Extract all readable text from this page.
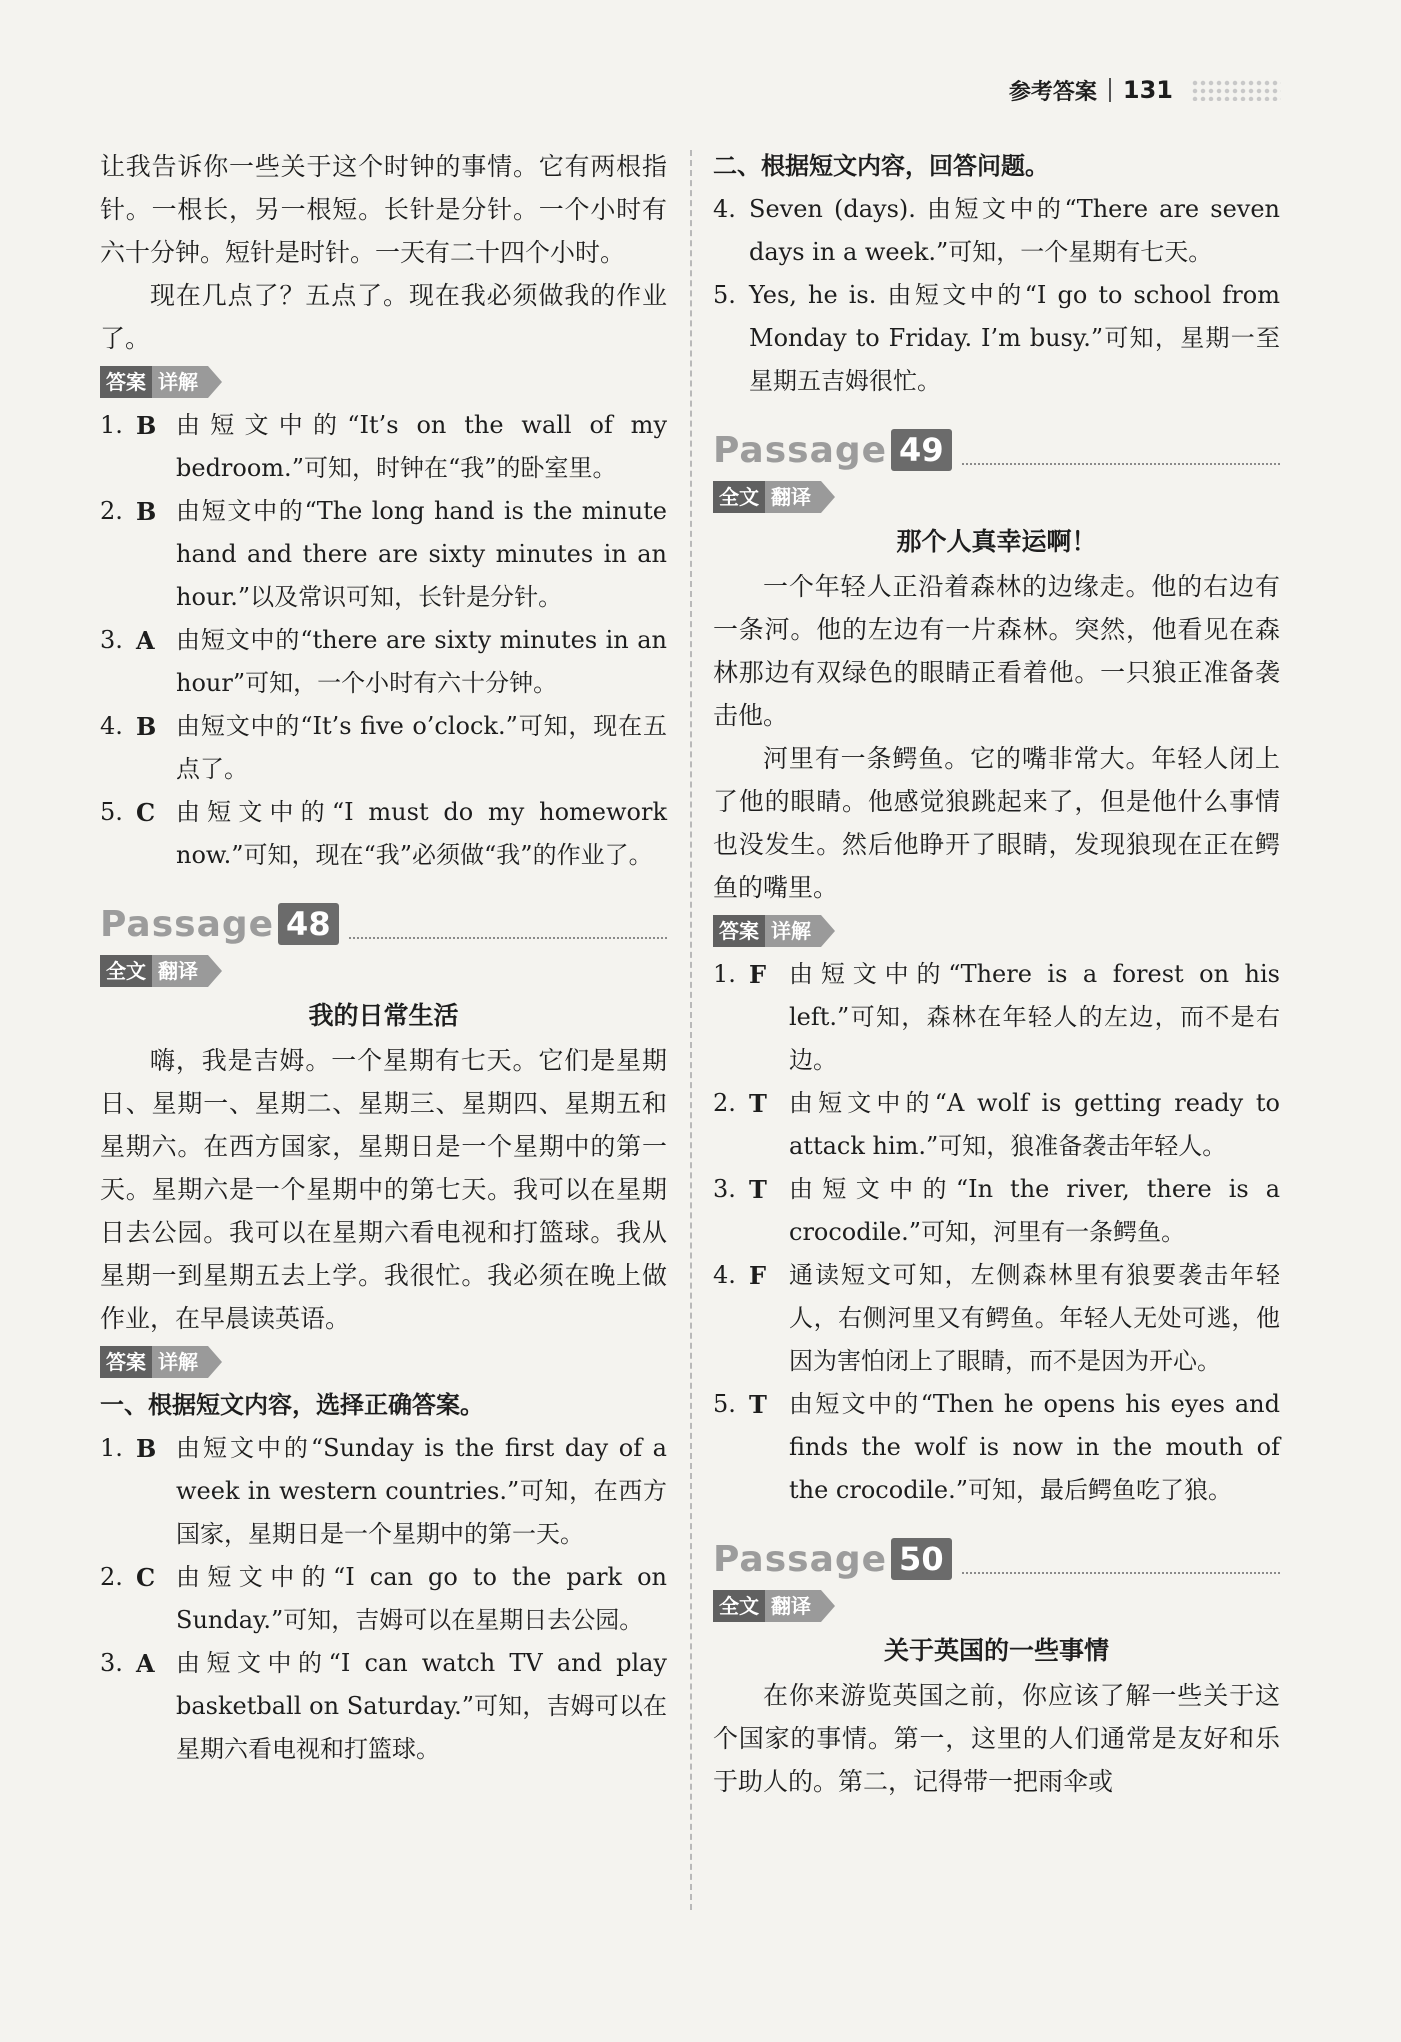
参考答案 131

让我告诉你一些关于这个时钟的事情。它有两根指针。一根长，另一根短。长针是分针。一个小时有六十分钟。短针是时针。一天有二十四个小时。

现在几点了？五点了。现在我必须做我的作业了。

答案 详解
1. B 由短文中的“It’s on the wall of my bedroom.”可知，时钟在“我”的卧室里。
2. B 由短文中的“The long hand is the minute hand and there are sixty minutes in an hour.”以及常识可知，长针是分针。
3. A 由短文中的“there are sixty minutes in an hour”可知，一个小时有六十分钟。
4. B 由短文中的“It’s five o’clock.”可知，现在五点了。
5. C 由短文中的“I must do my homework now.”可知，现在“我”必须做“我”的作业了。
Passage 48
全文 翻译
我的日常生活

嗨，我是吉姆。一个星期有七天。它们是星期日、星期一、星期二、星期三、星期四、星期五和星期六。在西方国家，星期日是一个星期中的第一天。星期六是一个星期中的第七天。我可以在星期日去公园。我可以在星期六看电视和打篮球。我从星期一到星期五去上学。我很忙。我必须在晚上做作业，在早晨读英语。

答案 详解
一、根据短文内容，选择正确答案。
1. B 由短文中的“Sunday is the first day of a week in western countries.”可知，在西方国家，星期日是一个星期中的第一天。
2. C 由短文中的“I can go to the park on Sunday.”可知，吉姆可以在星期日去公园。
3. A 由短文中的“I can watch TV and play basketball on Saturday.”可知，吉姆可以在星期六看电视和打篮球。
二、根据短文内容，回答问题。
4. Seven (days). 由短文中的“There are seven days in a week.”可知，一个星期有七天。
5. Yes, he is. 由短文中的“I go to school from Monday to Friday. I’m busy.”可知，星期一至星期五吉姆很忙。
Passage 49
全文 翻译
那个人真幸运啊！

一个年轻人正沿着森林的边缘走。他的右边有一条河。他的左边有一片森林。突然，他看见在森林那边有双绿色的眼睛正看着他。一只狼正准备袭击他。

河里有一条鳄鱼。它的嘴非常大。年轻人闭上了他的眼睛。他感觉狼跳起来了，但是他什么事情也没发生。然后他睁开了眼睛，发现狼现在正在鳄鱼的嘴里。

答案 详解
1. F 由短文中的“There is a forest on his left.”可知，森林在年轻人的左边，而不是右边。
2. T 由短文中的“A wolf is getting ready to attack him.”可知，狼准备袭击年轻人。
3. T 由短文中的“In the river, there is a crocodile.”可知，河里有一条鳄鱼。
4. F 通读短文可知，左侧森林里有狼要袭击年轻人，右侧河里又有鳄鱼。年轻人无处可逃，他因为害怕闭上了眼睛，而不是因为开心。
5. T 由短文中的“Then he opens his eyes and finds the wolf is now in the mouth of the crocodile.”可知，最后鳄鱼吃了狼。
Passage 50
全文 翻译
关于英国的一些事情

在你来游览英国之前，你应该了解一些关于这个国家的事情。第一，这里的人们通常是友好和乐于助人的。第二，记得带一把雨伞或
